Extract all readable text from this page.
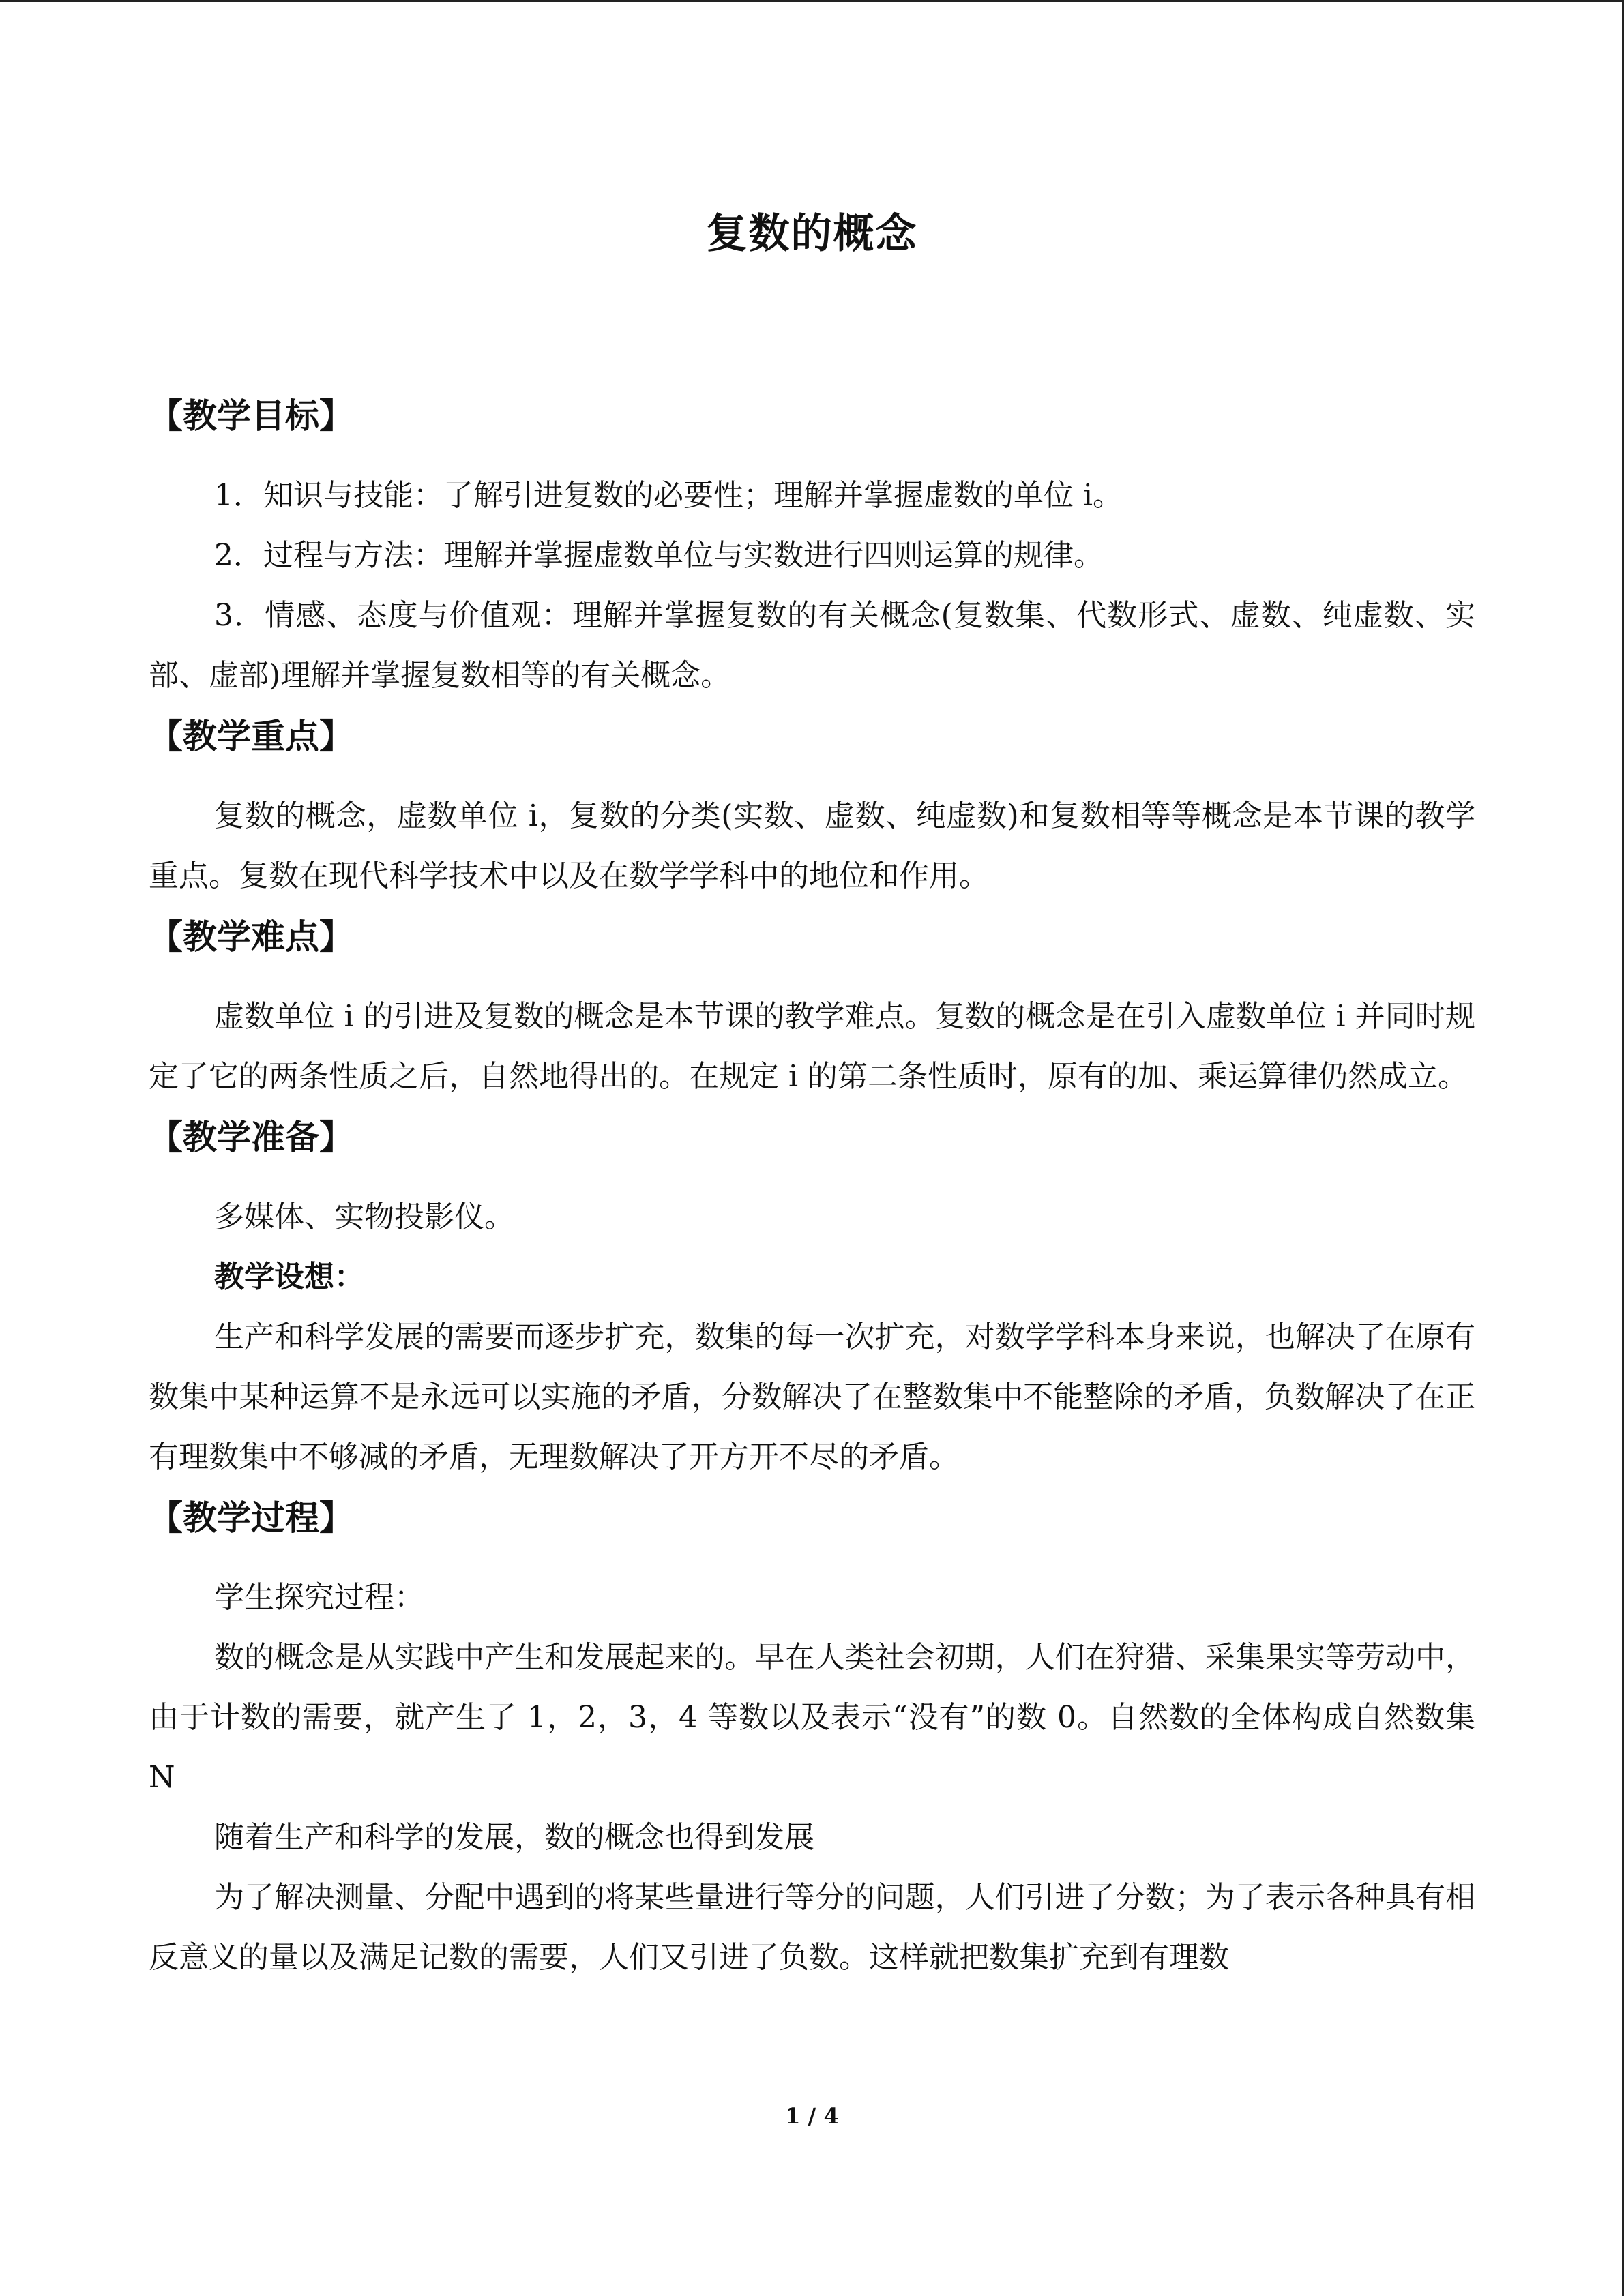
复数的概念
【教学目标】

1．知识与技能：了解引进复数的必要性；理解并掌握虚数的单位 i。

2．过程与方法：理解并掌握虚数单位与实数进行四则运算的规律。

3．情感、态度与价值观：理解并掌握复数的有关概念(复数集、代数形式、虚数、纯虚数、实部、虚部)理解并掌握复数相等的有关概念。

【教学重点】

复数的概念，虚数单位 i，复数的分类(实数、虚数、纯虚数)和复数相等等概念是本节课的教学重点。复数在现代科学技术中以及在数学学科中的地位和作用。

【教学难点】

虚数单位 i 的引进及复数的概念是本节课的教学难点。复数的概念是在引入虚数单位 i 并同时规定了它的两条性质之后，自然地得出的。在规定 i 的第二条性质时，原有的加、乘运算律仍然成立。

【教学准备】

多媒体、实物投影仪。

教学设想：

生产和科学发展的需要而逐步扩充，数集的每一次扩充，对数学学科本身来说，也解决了在原有数集中某种运算不是永远可以实施的矛盾，分数解决了在整数集中不能整除的矛盾，负数解决了在正有理数集中不够减的矛盾，无理数解决了开方开不尽的矛盾。

【教学过程】

学生探究过程：

数的概念是从实践中产生和发展起来的。早在人类社会初期，人们在狩猎、采集果实等劳动中，由于计数的需要，就产生了 1，2，3，4 等数以及表示“没有”的数 0。自然数的全体构成自然数集 N

随着生产和科学的发展，数的概念也得到发展

为了解决测量、分配中遇到的将某些量进行等分的问题，人们引进了分数；为了表示各种具有相反意义的量以及满足记数的需要，人们又引进了负数。这样就把数集扩充到有理数

1 / 4
